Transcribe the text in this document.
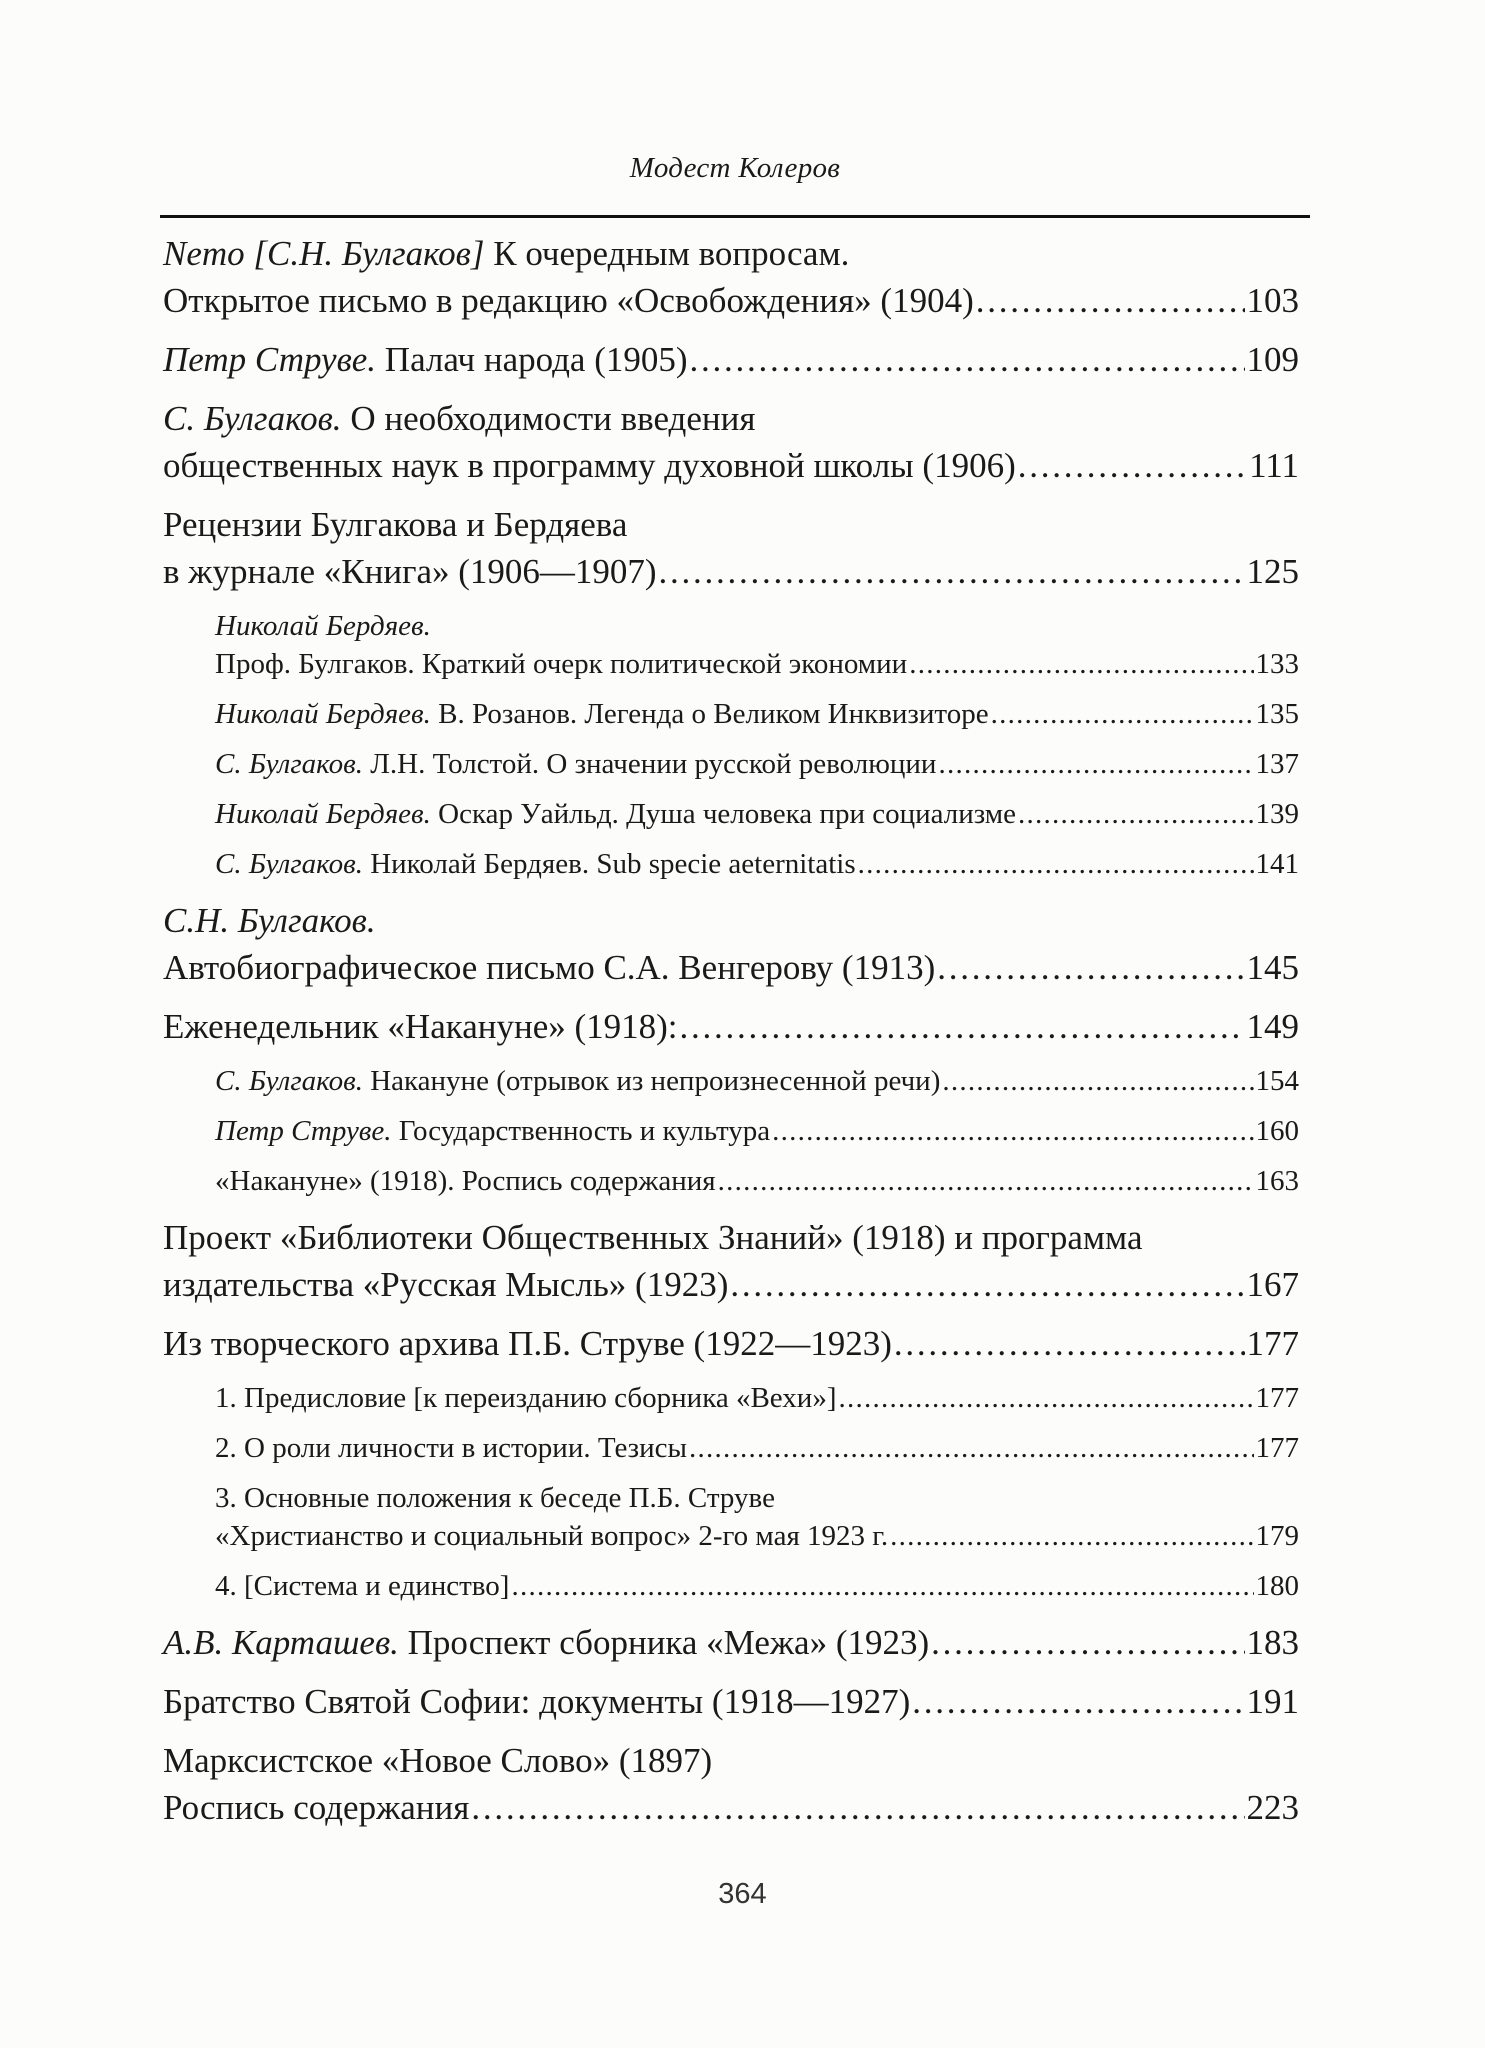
Модест Колеров
Nemo [С.Н. Булгаков] К очередным вопросам.
Открытое письмо в редакцию «Освобождения» (1904) . . .	103
Петр Струве. Палач народа (1905) . . .	109
С. Булгаков. О необходимости введения
общественных наук в программу духовной школы (1906) . . .	111
Рецензии Булгакова и Бердяева
в журнале «Книга» (1906—1907) . . .	125
Николай Бердяев.
Проф. Булгаков. Краткий очерк политической экономии . . .	133
Николай Бердяев. В. Розанов. Легенда о Великом Инквизиторе . . .	135
С. Булгаков. Л.Н. Толстой. О значении русской революции . . .	137
Николай Бердяев. Оскар Уайльд. Душа человека при социализме . . .	139
С. Булгаков. Николай Бердяев. Sub specie aeternitatis . . .	141
С.Н. Булгаков.
Автобиографическое письмо С.А. Венгерову (1913) . . .	145
Еженедельник «Накануне» (1918): . . .	149
С. Булгаков. Накануне (отрывок из непроизнесенной речи) . . .	154
Петр Струве. Государственность и культура . . .	160
«Накануне» (1918). Роспись содержания . . .	163
Проект «Библиотеки Общественных Знаний» (1918) и программа
издательства «Русская Мысль» (1923) . . .	167
Из творческого архива П.Б. Струве (1922—1923) . . .	177
1. Предисловие [к переизданию сборника «Вехи»] . . .	177
2. О роли личности в истории. Тезисы . . .	177
3. Основные положения к беседе П.Б. Струве
«Христианство и социальный вопрос» 2-го мая 1923 г. . . .	179
4. [Система и единство] . . .	180
А.В. Карташев. Проспект сборника «Межа» (1923) . . .	183
Братство Святой Софии: документы (1918—1927) . . .	191
Марксистское «Новое Слово» (1897)
Роспись содержания . . .	223
364
